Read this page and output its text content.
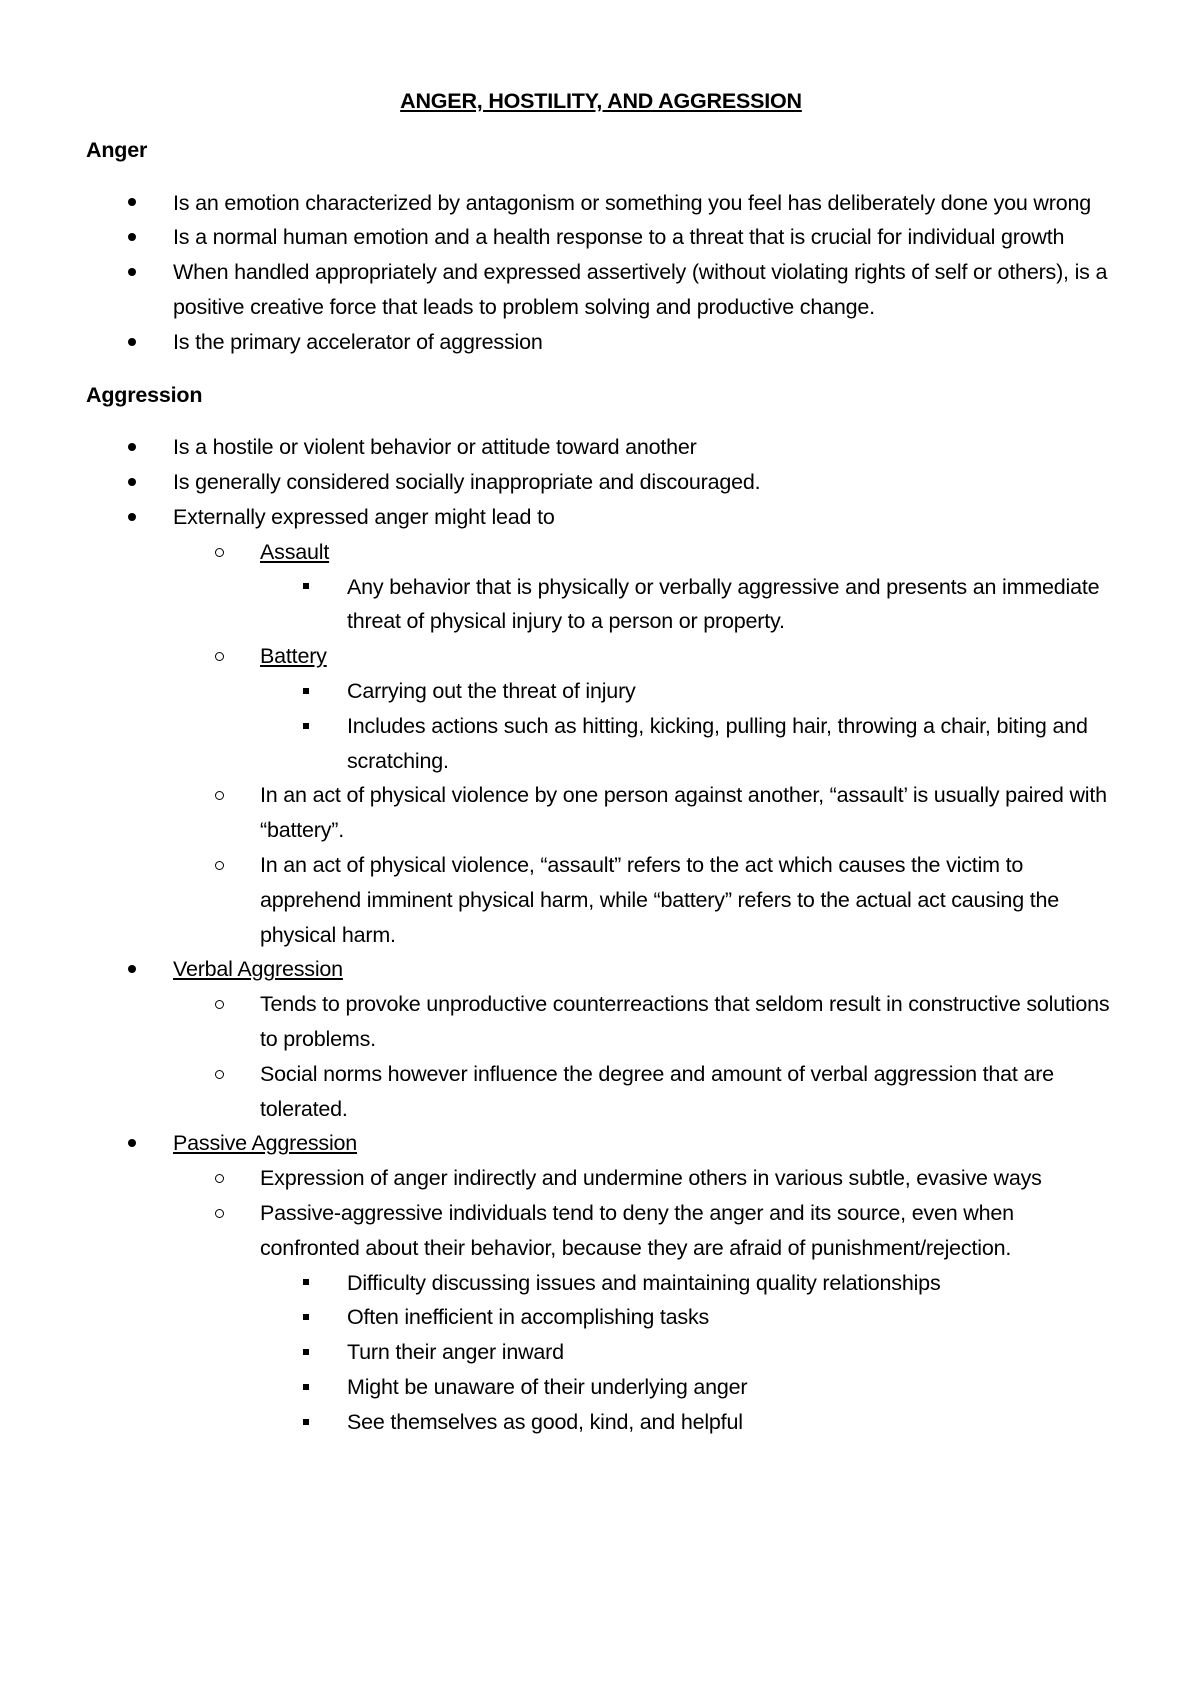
ANGER, HOSTILITY, AND AGGRESSION
Anger
Is an emotion characterized by antagonism or something you feel has deliberately done you wrong
Is a normal human emotion and a health response to a threat that is crucial for individual growth
When handled appropriately and expressed assertively (without violating rights of self or others), is a positive creative force that leads to problem solving and productive change.
Is the primary accelerator of aggression
Aggression
Is a hostile or violent behavior or attitude toward another
Is generally considered socially inappropriate and discouraged.
Externally expressed anger might lead to
Assault
Any behavior that is physically or verbally aggressive and presents an immediate threat of physical injury to a person or property.
Battery
Carrying out the threat of injury
Includes actions such as hitting, kicking, pulling hair, throwing a chair, biting and scratching.
In an act of physical violence by one person against another, “assault’ is usually paired with “battery”.
In an act of physical violence, “assault” refers to the act which causes the victim to apprehend imminent physical harm, while “battery” refers to the actual act causing the physical harm.
Verbal Aggression
Tends to provoke unproductive counterreactions that seldom result in constructive solutions to problems.
Social norms however influence the degree and amount of verbal aggression that are tolerated.
Passive Aggression
Expression of anger indirectly and undermine others in various subtle, evasive ways
Passive-aggressive individuals tend to deny the anger and its source, even when confronted about their behavior, because they are afraid of punishment/rejection.
Difficulty discussing issues and maintaining quality relationships
Often inefficient in accomplishing tasks
Turn their anger inward
Might be unaware of their underlying anger
See themselves as good, kind, and helpful
